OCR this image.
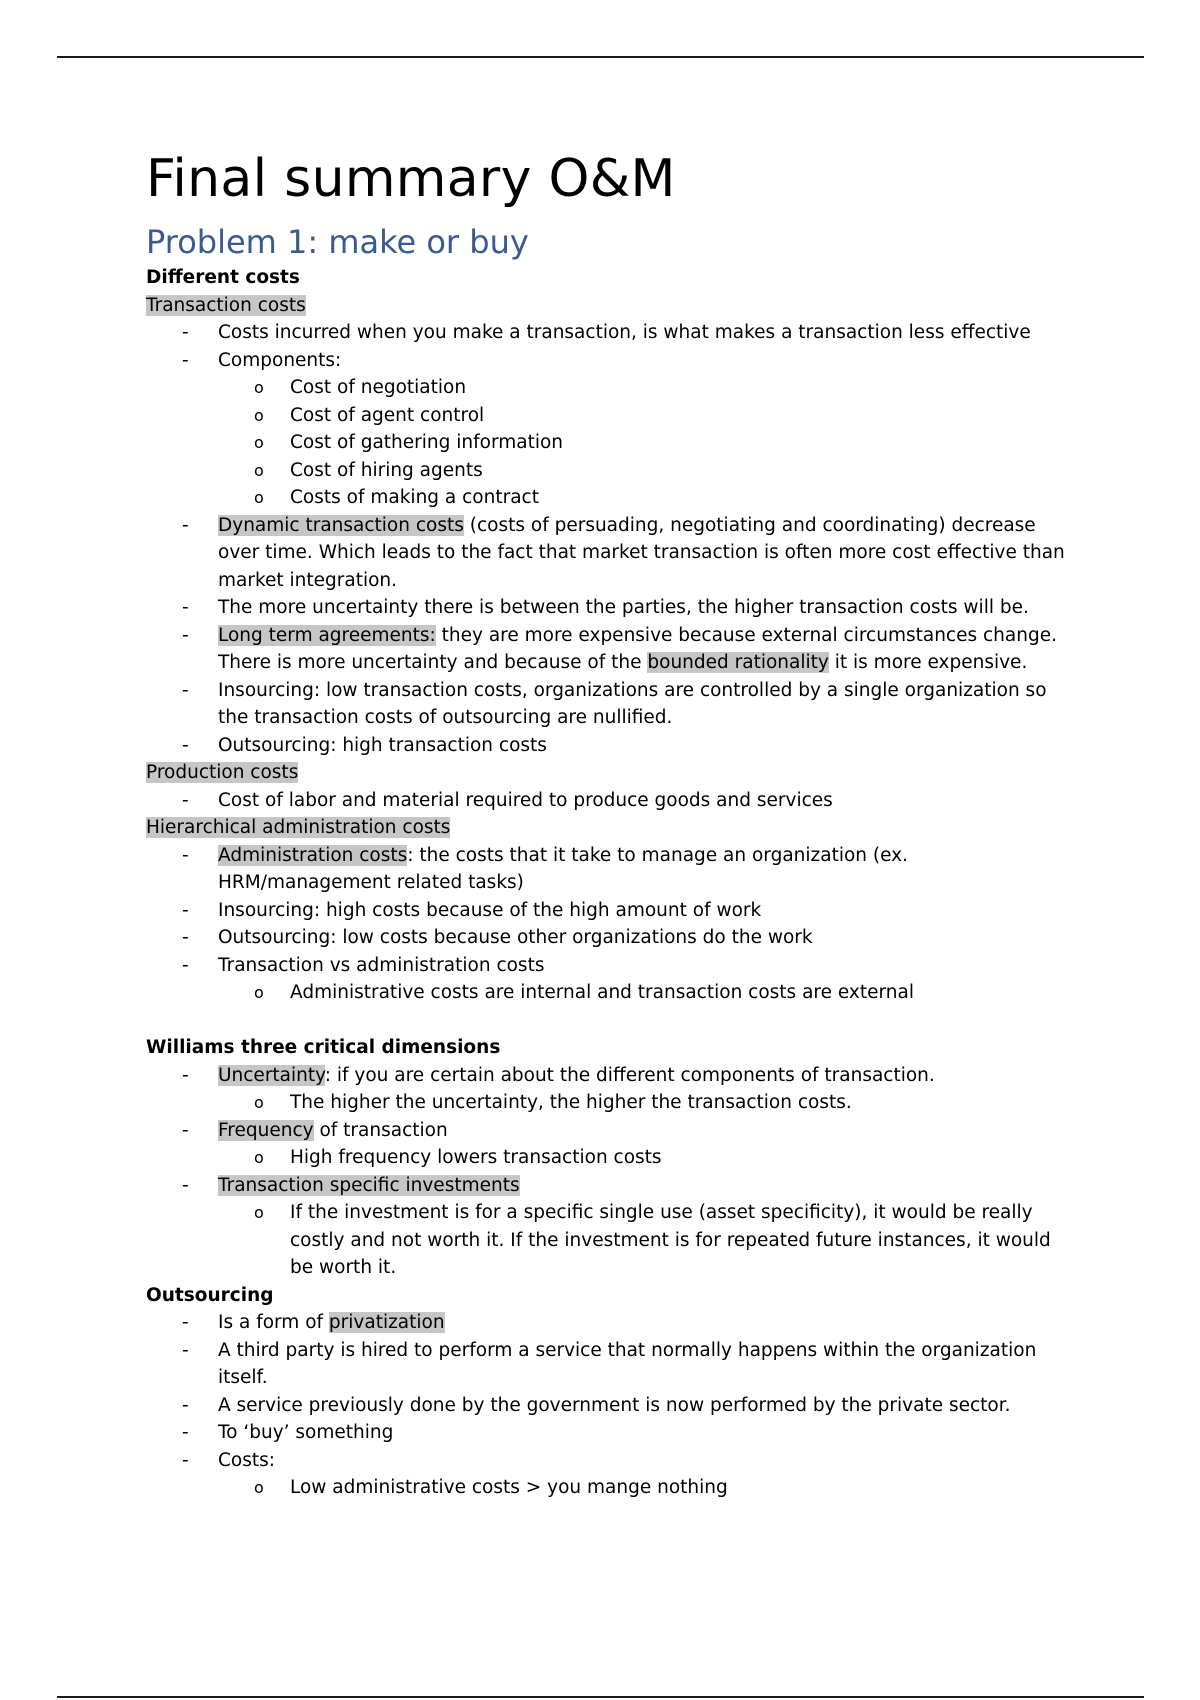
Final summary O&M
Problem 1: make or buy
Different costs
Transaction costs
- Costs incurred when you make a transaction, is what makes a transaction less effective
- Components:
o Cost of negotiation
o Cost of agent control
o Cost of gathering information
o Cost of hiring agents
o Costs of making a contract
- Dynamic transaction costs (costs of persuading, negotiating and coordinating) decrease over time. Which leads to the fact that market transaction is often more cost effective than market integration.
- The more uncertainty there is between the parties, the higher transaction costs will be.
- Long term agreements: they are more expensive because external circumstances change. There is more uncertainty and because of the bounded rationality it is more expensive.
- Insourcing: low transaction costs, organizations are controlled by a single organization so the transaction costs of outsourcing are nullified.
- Outsourcing: high transaction costs
Production costs
- Cost of labor and material required to produce goods and services
Hierarchical administration costs
- Administration costs: the costs that it take to manage an organization (ex. HRM/management related tasks)
- Insourcing: high costs because of the high amount of work
- Outsourcing: low costs because other organizations do the work
- Transaction vs administration costs
o Administrative costs are internal and transaction costs are external
Williams three critical dimensions
- Uncertainty: if you are certain about the different components of transaction.
o The higher the uncertainty, the higher the transaction costs.
- Frequency of transaction
o High frequency lowers transaction costs
- Transaction specific investments
o If the investment is for a specific single use (asset specificity), it would be really costly and not worth it. If the investment is for repeated future instances, it would be worth it.
Outsourcing
- Is a form of privatization
- A third party is hired to perform a service that normally happens within the organization itself.
- A service previously done by the government is now performed by the private sector.
- To ‘buy’ something
- Costs:
o Low administrative costs > you mange nothing
